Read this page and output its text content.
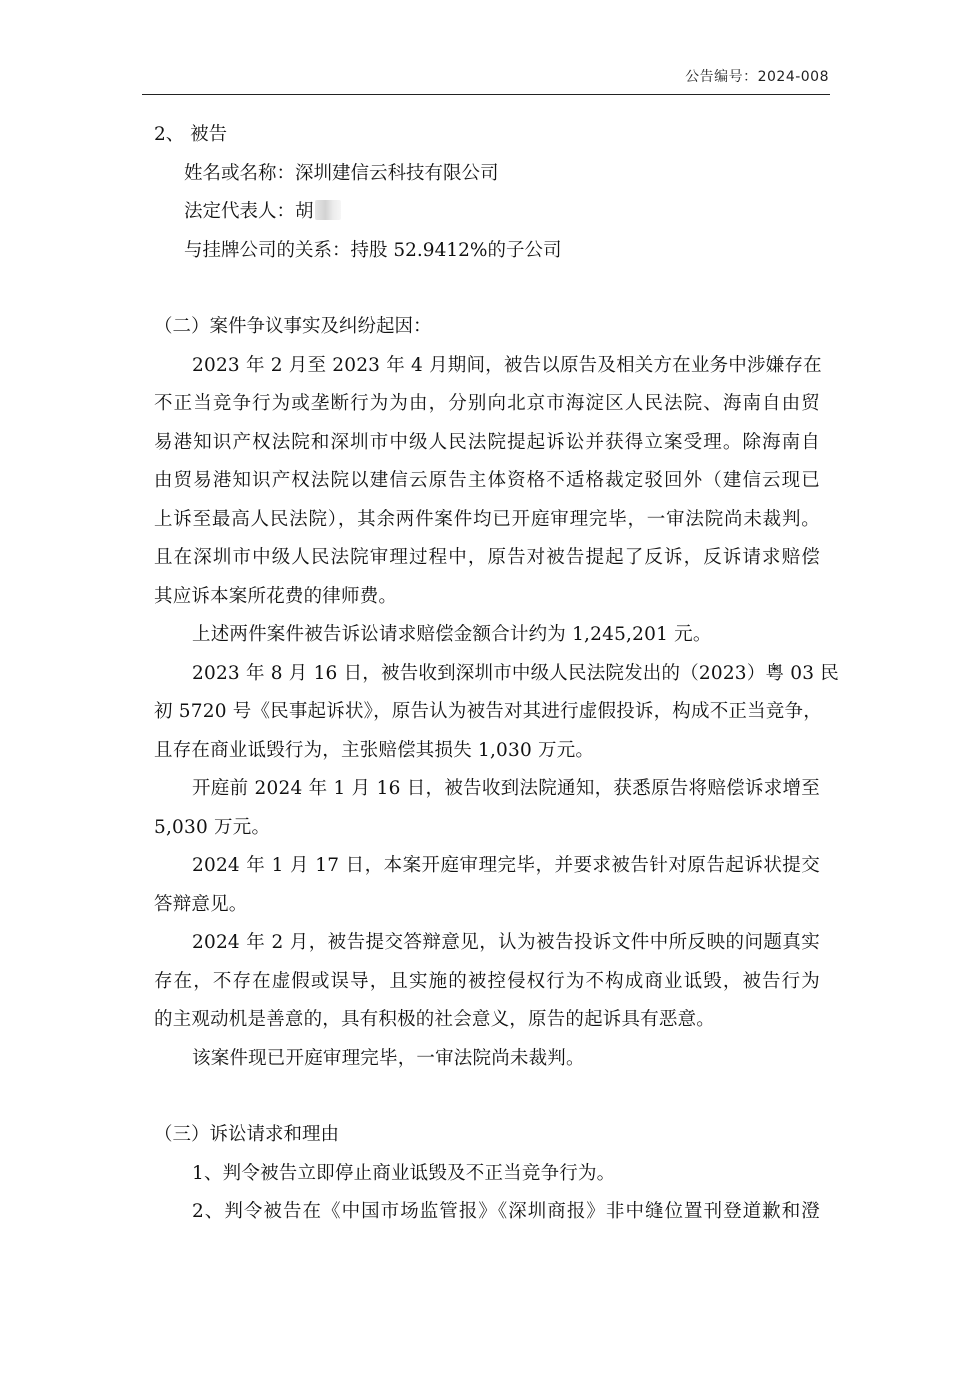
公告编号：2024-008
2、 被告
姓名或名称：深圳建信云科技有限公司
法定代表人：胡
与挂牌公司的关系：持股 52.9412%的子公司
（二）案件争议事实及纠纷起因：
2023 年 2 月至 2023 年 4 月期间，被告以原告及相关方在业务中涉嫌存在
不正当竞争行为或垄断行为为由，分别向北京市海淀区人民法院、海南自由贸
易港知识产权法院和深圳市中级人民法院提起诉讼并获得立案受理。除海南自
由贸易港知识产权法院以建信云原告主体资格不适格裁定驳回外（建信云现已
上诉至最高人民法院），其余两件案件均已开庭审理完毕，一审法院尚未裁判。
且在深圳市中级人民法院审理过程中，原告对被告提起了反诉，反诉请求赔偿
其应诉本案所花费的律师费。
上述两件案件被告诉讼请求赔偿金额合计约为 1,245,201 元。
2023 年 8 月 16 日，被告收到深圳市中级人民法院发出的（2023）粤 03 民
初 5720 号《民事起诉状》，原告认为被告对其进行虚假投诉，构成不正当竞争，
且存在商业诋毁行为，主张赔偿其损失 1,030 万元。
开庭前 2024 年 1 月 16 日，被告收到法院通知，获悉原告将赔偿诉求增至
5,030 万元。
2024 年 1 月 17 日，本案开庭审理完毕，并要求被告针对原告起诉状提交
答辩意见。
2024 年 2 月，被告提交答辩意见，认为被告投诉文件中所反映的问题真实
存在，不存在虚假或误导，且实施的被控侵权行为不构成商业诋毁，被告行为
的主观动机是善意的，具有积极的社会意义，原告的起诉具有恶意。
该案件现已开庭审理完毕，一审法院尚未裁判。
（三）诉讼请求和理由
1、判令被告立即停止商业诋毁及不正当竞争行为。
2、判令被告在《中国市场监管报》《深圳商报》非中缝位置刊登道歉和澄
